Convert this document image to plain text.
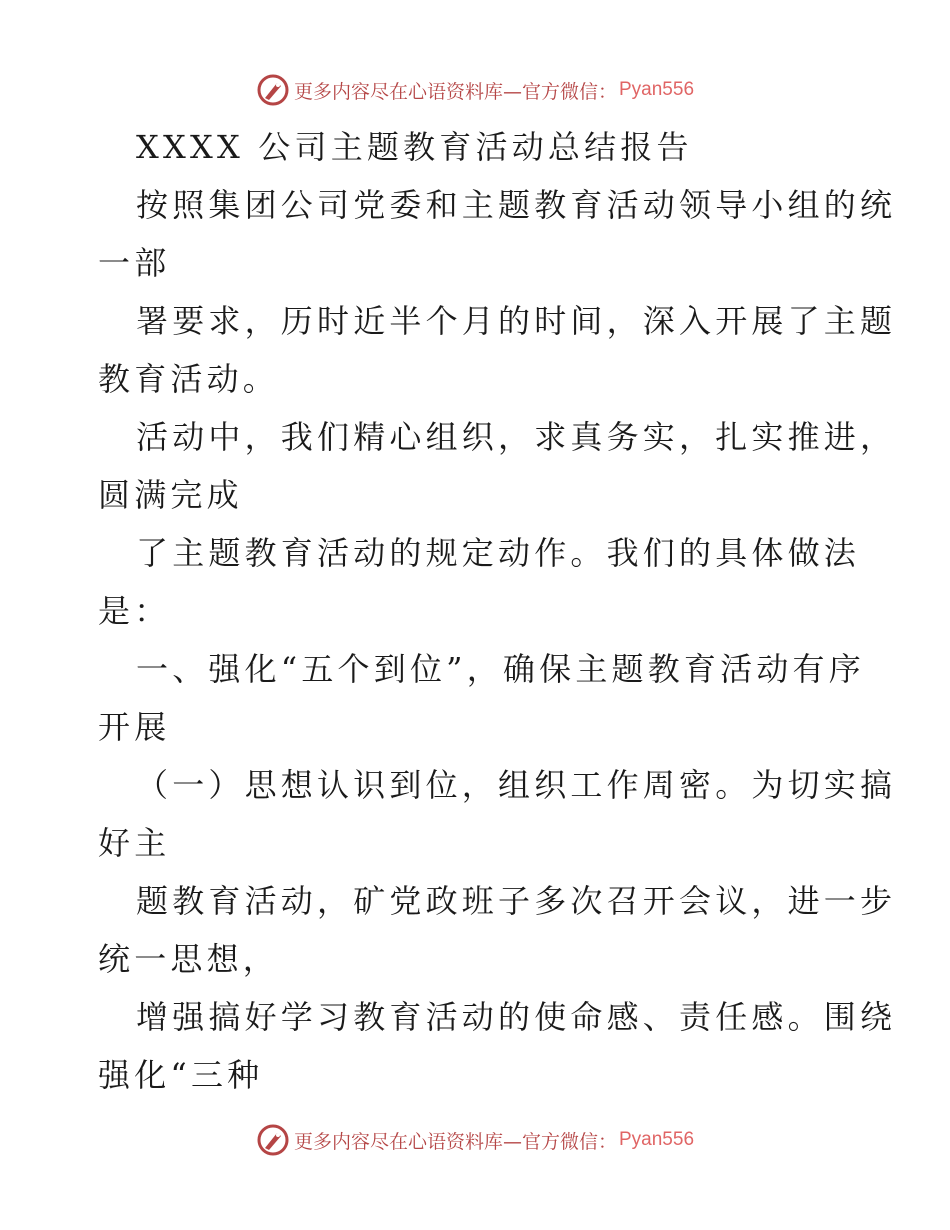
更多内容尽在心语资料库—官方微信： Pyan556
XXXX 公司主题教育活动总结报告
按照集团公司党委和主题教育活动领导小组的统
一部
署要求，历时近半个月的时间，深入开展了主题
教育活动。
活动中，我们精心组织，求真务实，扎实推进，
圆满完成
了主题教育活动的规定动作。我们的具体做法
是：
一、强化“五个到位”，确保主题教育活动有序
开展
（一）思想认识到位，组织工作周密。为切实搞
好主
题教育活动，矿党政班子多次召开会议，进一步
统一思想，
增强搞好学习教育活动的使命感、责任感。围绕
强化“三种
更多内容尽在心语资料库—官方微信： Pyan556
